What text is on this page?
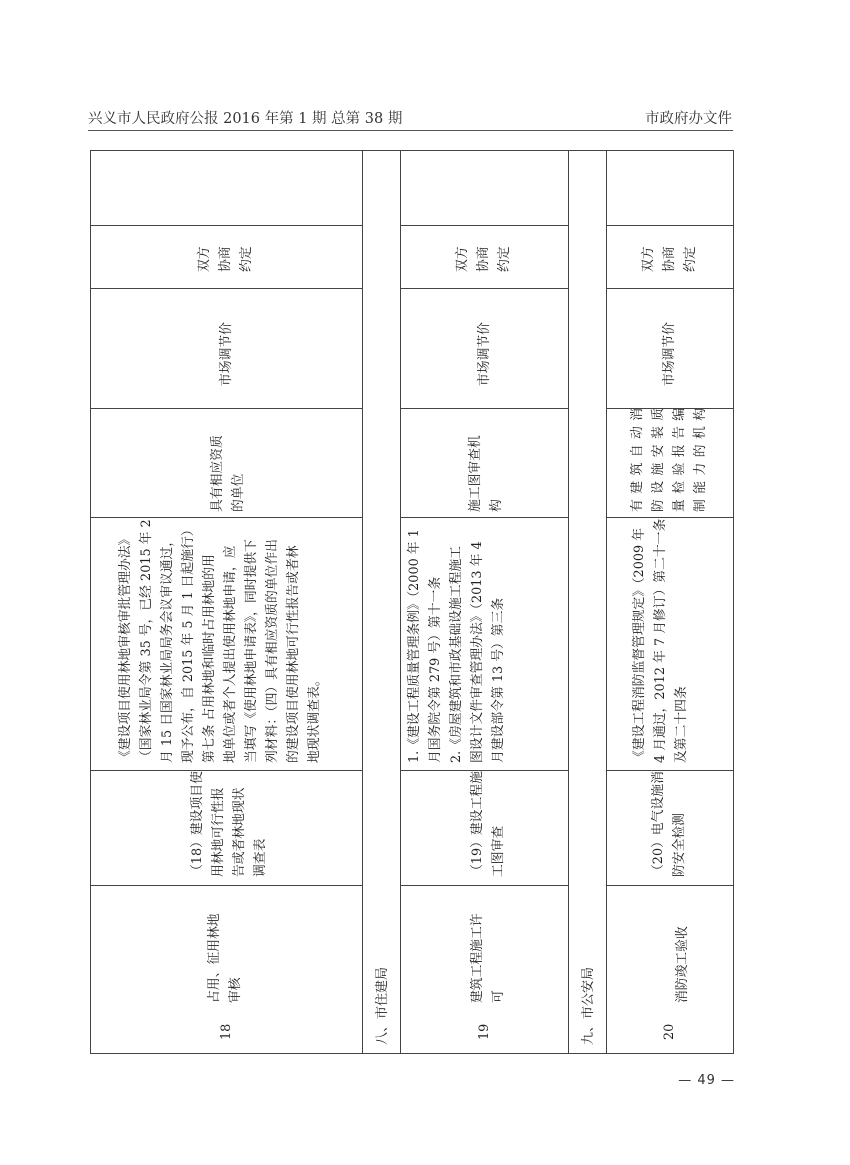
兴义市人民政府公报 2016 年第 1 期 总第 38 期	市政府办文件
八、市住建局	九、市公安局
18
占用、征用林地 审核
（18）建设项目使 用林地可行性报 告或者林地现状 调查表
《建设项目使用林地审核审批管理办法》 （国家林业局令第 35 号，已经 2015 年 2 月 15 日国家林业局局务会议审议通过， 现予公布，自 2015 年 5 月 1 日起施行） 第七条 占用林地和临时占用林地的用 地单位或者个人提出使用林地申请，应 当填写《使用林地申请表》，同时提供下 列材料：（四）具有相应资质的单位作出 的建设项目使用林地可行性报告或者林 地现状调查表。
具有相应资质 的单位
市场调节价
双方 协商 约定
19
建筑工程施工许 可
（19）建设工程施 工图审查
1.《建设工程质量管理条例》（2000 年 1 月国务院令第 279 号）第十一条 2.《房屋建筑和市政基础设施工程施工 图设计文件审查管理办法》（2013 年 4 月建设部令第 13 号）第三条
施工图审查机 构
市场调节价
双方 协商 约定
20
消防竣工验收
（20）电气设施消 防安全检测
《建设工程消防监督管理规定》（2009 年 4 月通过，2012 年 7 月修订）第二十一条 及第二十四条
有建筑自动消 防设施安装质 量检验报告编 制能力的机构
市场调节价
双方 协商 约定
— 49 —
